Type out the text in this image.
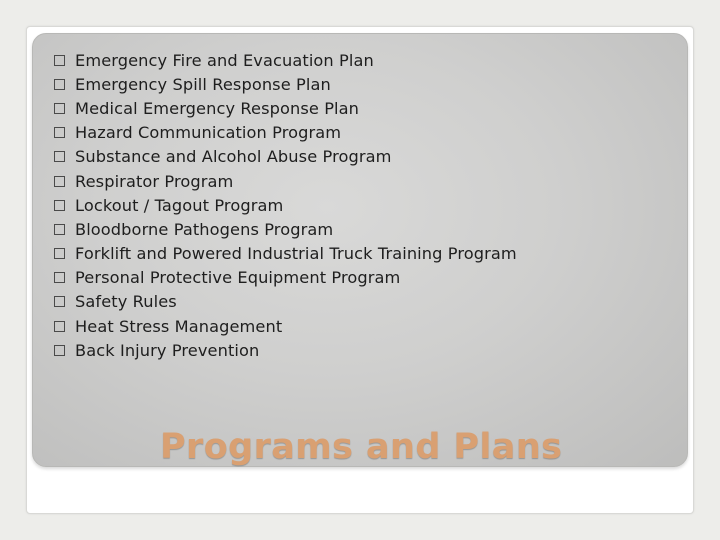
Emergency Fire and Evacuation Plan
Emergency Spill Response Plan
Medical Emergency Response Plan
Hazard Communication Program
Substance and Alcohol Abuse Program
Respirator Program
Lockout / Tagout Program
Bloodborne Pathogens Program
Forklift and Powered Industrial Truck Training Program
Personal Protective Equipment Program
Safety Rules
Heat Stress Management
Back Injury Prevention
Programs and Plans
